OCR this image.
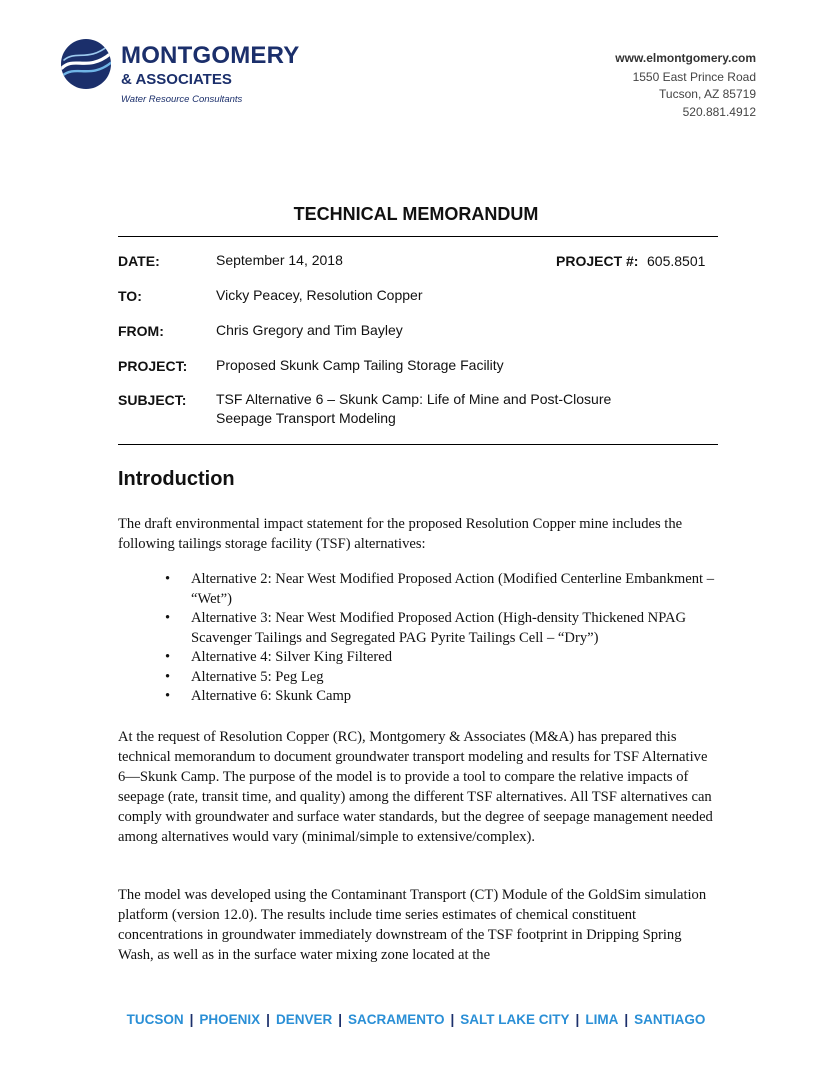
MONTGOMERY
& ASSOCIATES
Water Resource Consultants
www.elmontgomery.com
1550 East Prince Road
Tucson, AZ 85719
520.881.4912
TECHNICAL MEMORANDUM
DATE:	September 14, 2018	PROJECT #: 605.8501
TO:	Vicky Peacey, Resolution Copper
FROM:	Chris Gregory and Tim Bayley
PROJECT: Proposed Skunk Camp Tailing Storage Facility
SUBJECT: TSF Alternative 6 – Skunk Camp: Life of Mine and Post-Closure
Seepage Transport Modeling
Introduction

The draft environmental impact statement for the proposed Resolution Copper mine includes the following tailings storage facility (TSF) alternatives:

• Alternative 2: Near West Modified Proposed Action (Modified Centerline Embankment – “Wet”)
• Alternative 3: Near West Modified Proposed Action (High-density Thickened NPAG Scavenger Tailings and Segregated PAG Pyrite Tailings Cell – “Dry”)
• Alternative 4: Silver King Filtered
• Alternative 5: Peg Leg
• Alternative 6: Skunk Camp

At the request of Resolution Copper (RC), Montgomery & Associates (M&A) has prepared this technical memorandum to document groundwater transport modeling and results for TSF Alternative 6—Skunk Camp. The purpose of the model is to provide a tool to compare the relative impacts of seepage (rate, transit time, and quality) among the different TSF alternatives. All TSF alternatives can comply with groundwater and surface water standards, but the degree of seepage management needed among alternatives would vary (minimal/simple to extensive/complex).

The model was developed using the Contaminant Transport (CT) Module of the GoldSim simulation platform (version 12.0). The results include time series estimates of chemical constituent concentrations in groundwater immediately downstream of the TSF footprint in Dripping Spring Wash, as well as in the surface water mixing zone located at the

TUCSON | PHOENIX | DENVER | SACRAMENTO | SALT LAKE CITY | LIMA | SANTIAGO
